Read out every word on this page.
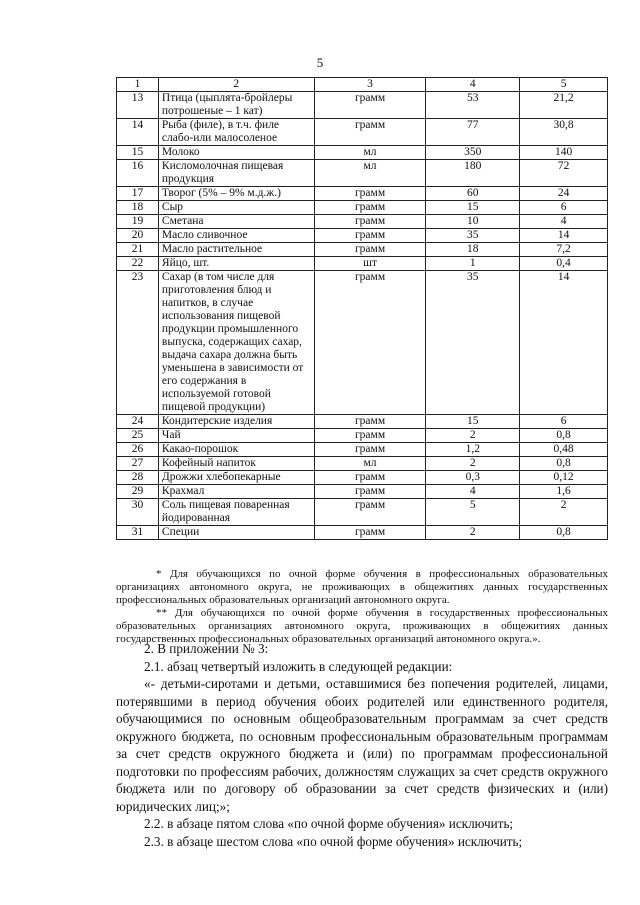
5
1	2	3	4	5
13	Птица (цыплята-бройлеры потрошеные – 1 кат)	грамм	53	21,2
14	Рыба (филе), в т.ч. филе слабо-или малосоленое	грамм	77	30,8
15	Молоко	мл	350	140
16	Кисломолочная пищевая продукция	мл	180	72
17	Творог (5% – 9% м.д.ж.)	грамм	60	24
18	Сыр	грамм	15	6
19	Сметана	грамм	10	4
20	Масло сливочное	грамм	35	14
21	Масло растительное	грамм	18	7,2
22	Яйцо, шт.	шт	1	0,4
23	Сахар (в том числе для приготовления блюд и напитков, в случае использования пищевой продукции промышленного выпуска, содержащих сахар, выдача сахара должна быть уменьшена в зависимости от его содержания в используемой готовой пищевой продукции)	грамм	35	14
24	Кондитерские изделия	грамм	15	6
25	Чай	грамм	2	0,8
26	Какао-порошок	грамм	1,2	0,48
27	Кофейный напиток	мл	2	0,8
28	Дрожжи хлебопекарные	грамм	0,3	0,12
29	Крахмал	грамм	4	1,6
30	Соль пищевая поваренная йодированная	грамм	5	2
31	Специи	грамм	2	0,8

* Для обучающихся по очной форме обучения в профессиональных образовательных организациях автономного округа, не проживающих в общежитиях данных государственных профессиональных образовательных организаций автономного округа.

** Для обучающихся по очной форме обучения в государственных профессиональных образовательных организациях автономного округа, проживающих в общежитиях данных государственных профессиональных образовательных организаций автономного округа.».

2. В приложении № 3:

2.1. абзац четвертый изложить в следующей редакции:

«- детьми-сиротами и детьми, оставшимися без попечения родителей, лицами, потерявшими в период обучения обоих родителей или единственного родителя, обучающимися по основным общеобразовательным программам за счет средств окружного бюджета, по основным профессиональным образовательным программам за счет средств окружного бюджета и (или) по программам профессиональной подготовки по профессиям рабочих, должностям служащих за счет средств окружного бюджета или по договору об образовании за счет средств физических и (или) юридических лиц;»;

2.2. в абзаце пятом слова «по очной форме обучения» исключить;

2.3. в абзаце шестом слова «по очной форме обучения» исключить;
